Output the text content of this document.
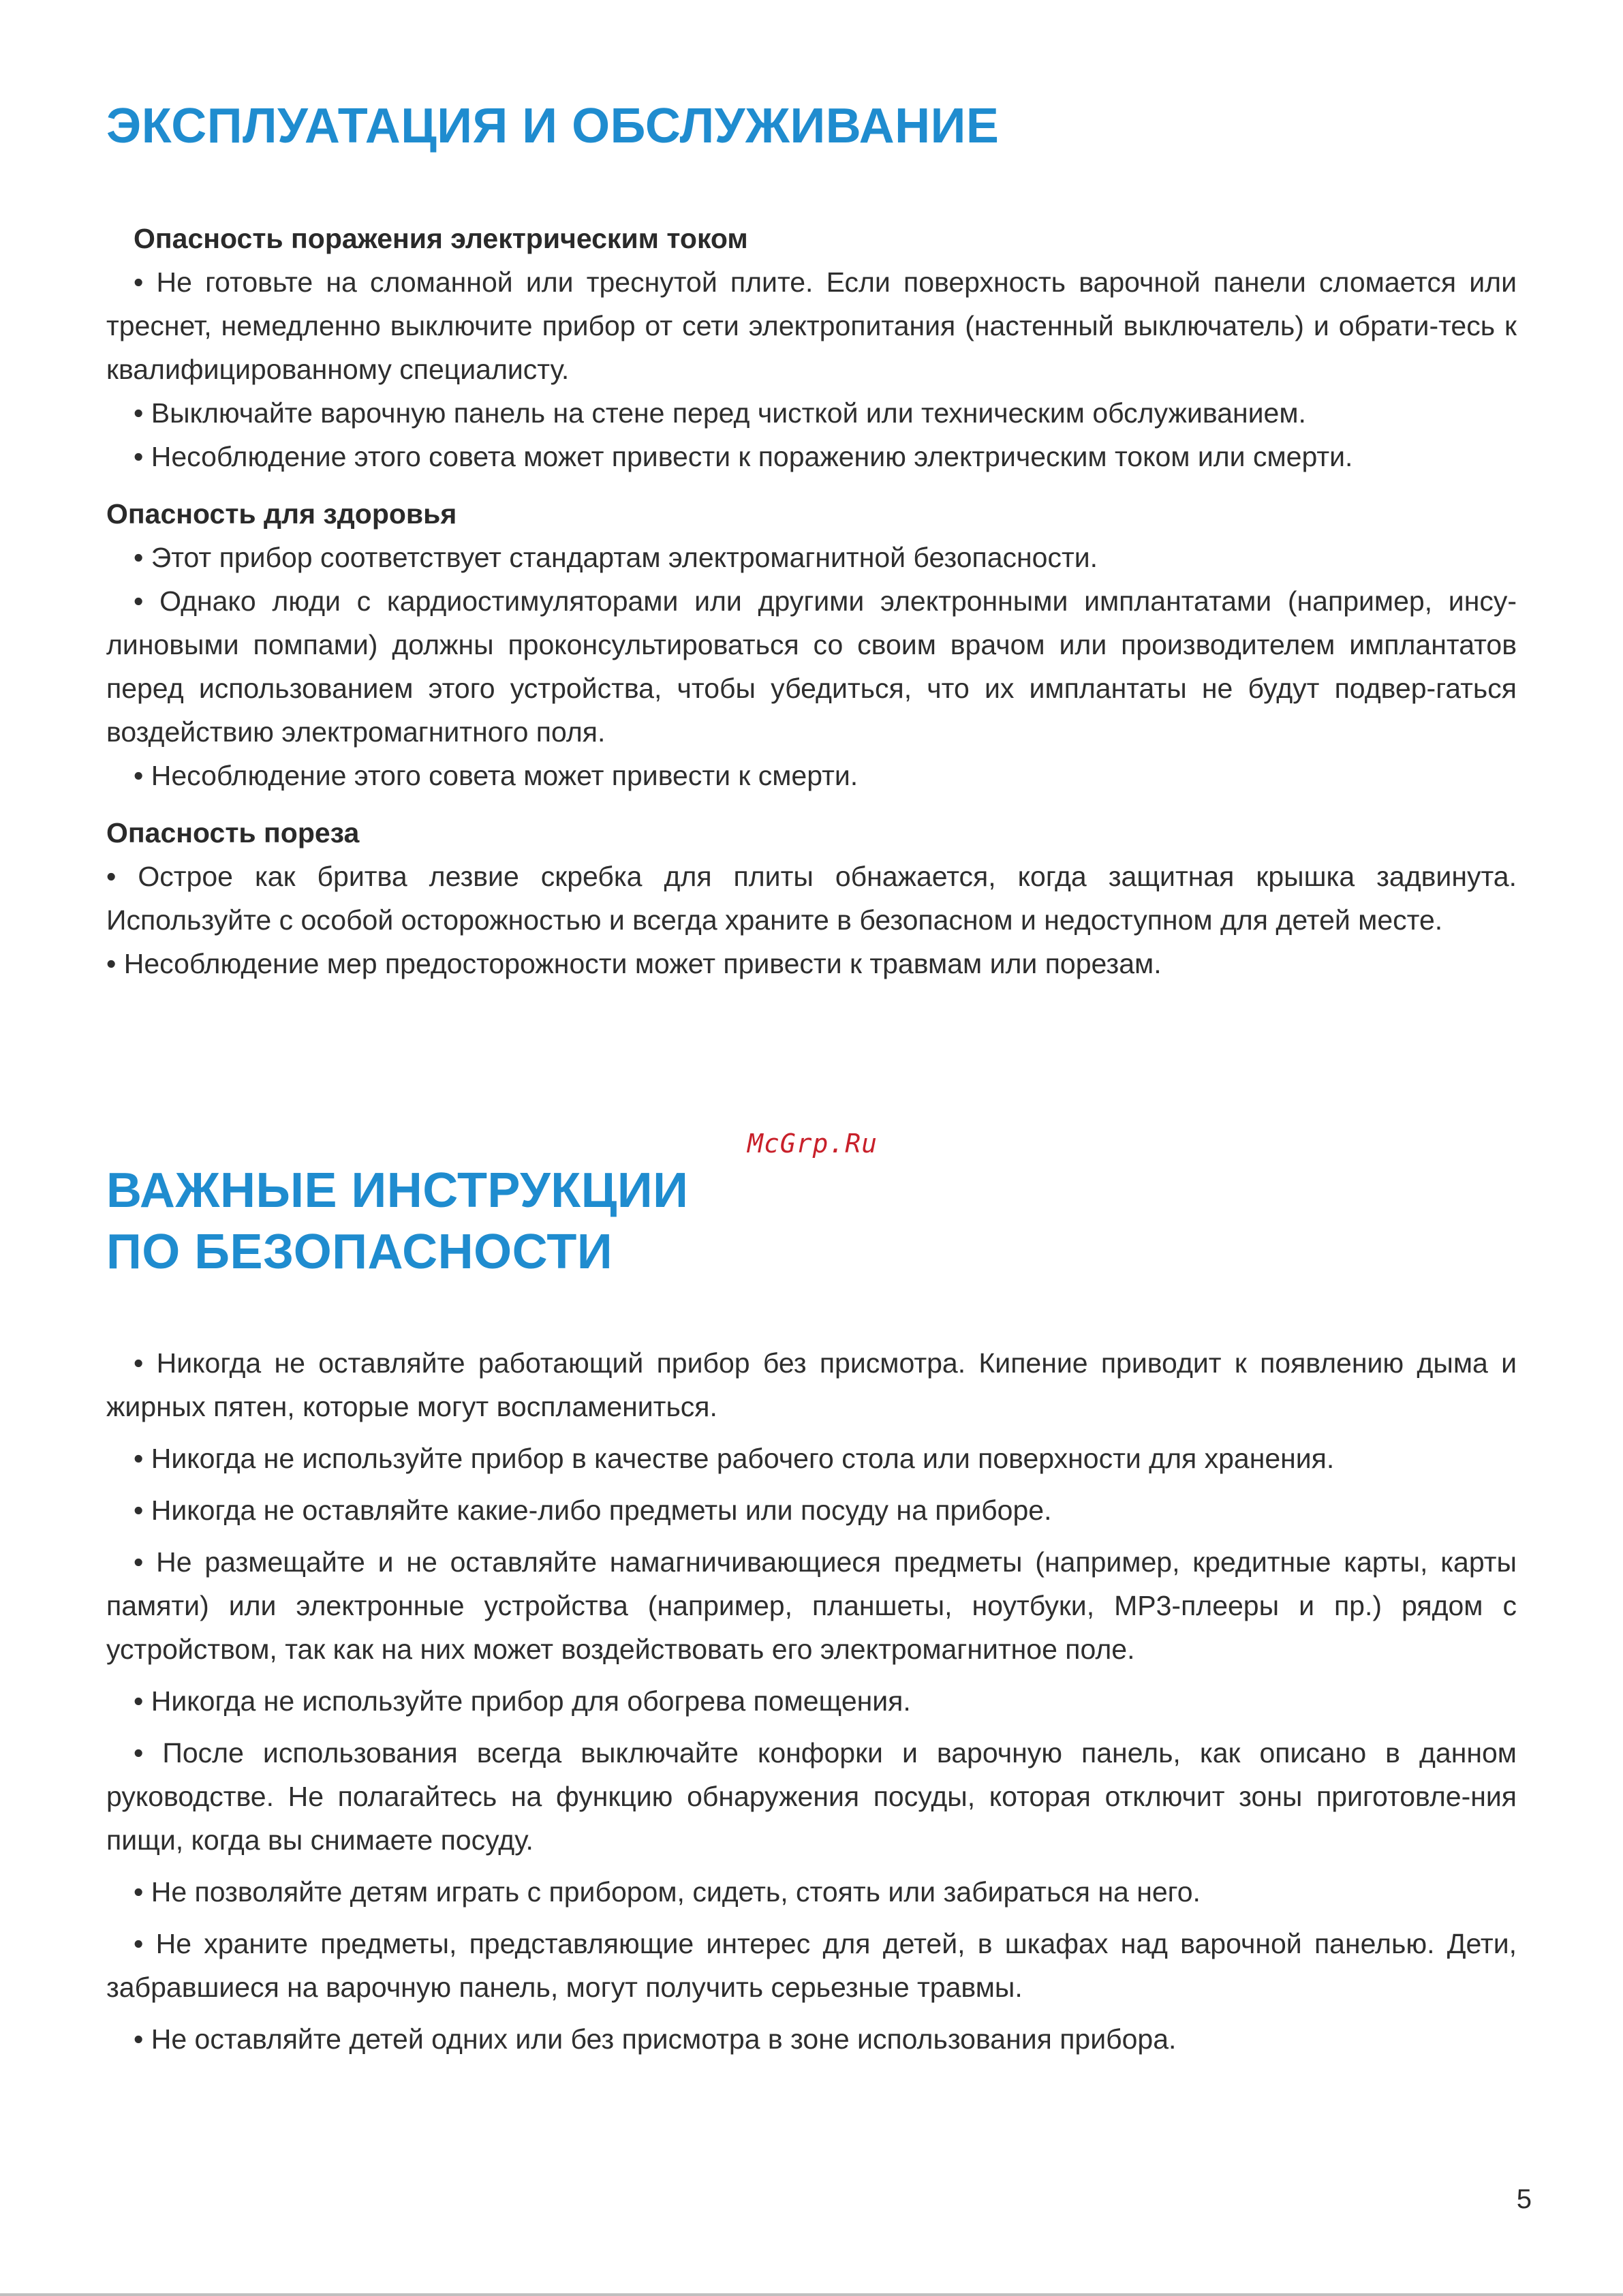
ЭКСПЛУАТАЦИЯ И ОБСЛУЖИВАНИЕ

Опасность поражения электрическим током

• Не готовьте на сломанной или треснутой плите. Если поверхность варочной панели сломается или треснет, немедленно выключите прибор от сети электропитания (настенный выключатель) и обрати-тесь к квалифицированному специалисту.

• Выключайте варочную панель на стене перед чисткой или техническим обслуживанием.

• Несоблюдение этого совета может привести к поражению электрическим током или смерти.

Опасность для здоровья

• Этот прибор соответствует стандартам электромагнитной безопасности.

• Однако люди с кардиостимуляторами или другими электронными имплантатами (например, инсу-линовыми помпами) должны проконсультироваться со своим врачом или производителем имплантатов перед использованием этого устройства, чтобы убедиться, что их имплантаты не будут подвер-гаться воздействию электромагнитного поля.

• Несоблюдение этого совета может привести к смерти.

Опасность пореза

• Острое как бритва лезвие скребка для плиты обнажается, когда защитная крышка задвинута. Используйте с особой осторожностью и всегда храните в безопасном и недоступном для детей месте.

• Несоблюдение мер предосторожности может привести к травмам или порезам.

McGrp.Ru
ВАЖНЫЕ ИНСТРУКЦИИ
ПО БЕЗОПАСНОСТИ

• Никогда не оставляйте работающий прибор без присмотра. Кипение приводит к появлению дыма и жирных пятен, которые могут воспламениться.

• Никогда не используйте прибор в качестве рабочего стола или поверхности для хранения.

• Никогда не оставляйте какие-либо предметы или посуду на приборе.

• Не размещайте и не оставляйте намагничивающиеся предметы (например, кредитные карты, карты памяти) или электронные устройства (например, планшеты, ноутбуки, MP3-плееры и пр.) рядом с устройством, так как на них может воздействовать его электромагнитное поле.

• Никогда не используйте прибор для обогрева помещения.

• После использования всегда выключайте конфорки и варочную панель, как описано в данном руководстве. Не полагайтесь на функцию обнаружения посуды, которая отключит зоны приготовле-ния пищи, когда вы снимаете посуду.

• Не позволяйте детям играть с прибором, сидеть, стоять или забираться на него.

• Не храните предметы, представляющие интерес для детей, в шкафах над варочной панелью. Дети, забравшиеся на варочную панель, могут получить серьезные травмы.

• Не оставляйте детей одних или без присмотра в зоне использования прибора.

5
